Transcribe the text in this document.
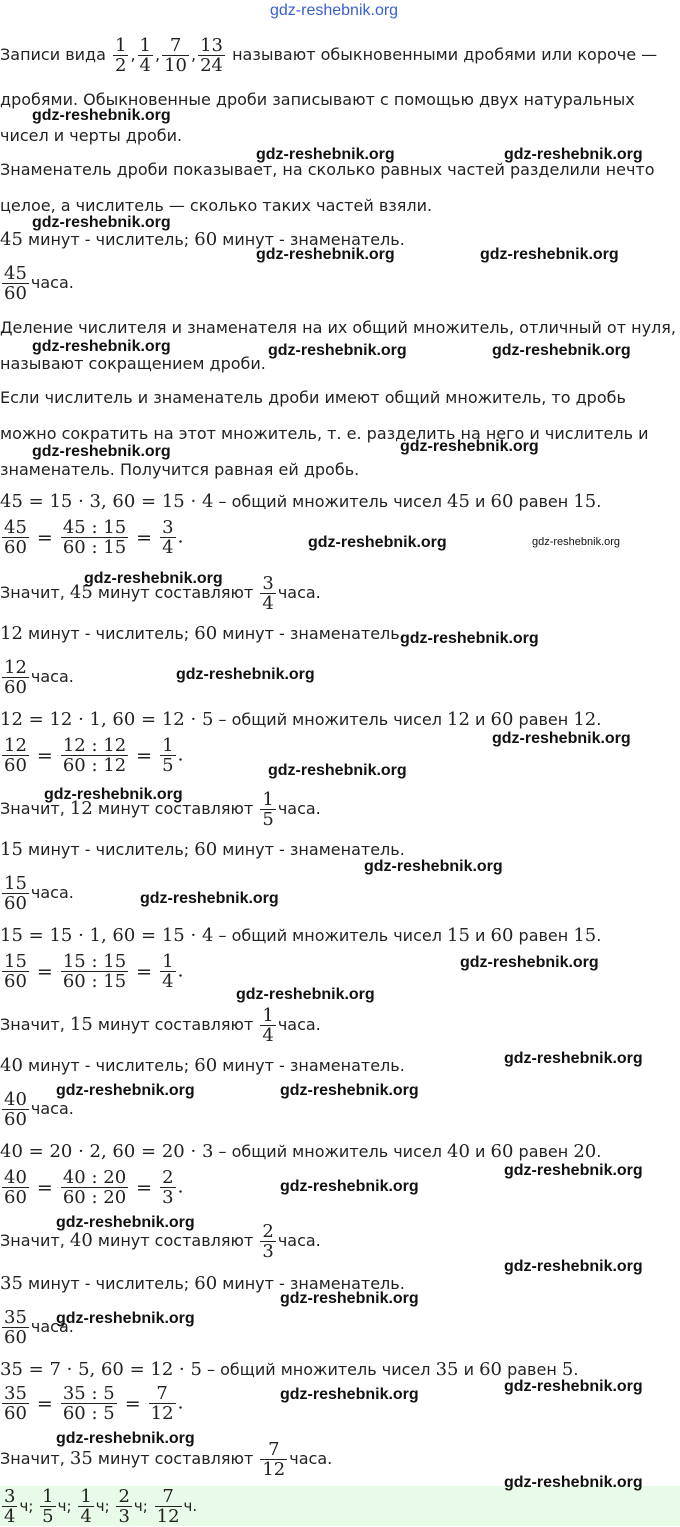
gdz-reshebnik.org
Записи вида $\frac{1}{2}$ , $\frac{1}{4}$ , $\frac{7}{10}$ , $\frac{13}{24}$ называют обыкновенными дробями или короче —
дробями. Обыкновенные дроби записывают с помощью двух натуральных
чисел и черты дроби.
Знаменатель дроби показывает, на сколько равных частей разделили нечто
целое, а числитель — сколько таких частей взяли.
45 минут - числитель; 60 минут - знаменатель.
$\frac{45}{60}$ часа.
Деление числителя и знаменателя на их общий множитель, отличный от нуля,
называют сокращением дроби.
Если числитель и знаменатель дроби имеют общий множитель, то дробь
можно сократить на этот множитель, т. е. разделить на него и числитель и
знаменатель. Получится равная ей дробь.
45 = 15 · 3, 60 = 15 · 4 – общий множитель чисел 45 и 60 равен 15.
$\frac{45}{60} = \frac{45 : 15}{60 : 15} = \frac{3}{4}$ .
Значит, 45 минут составляют $\frac{3}{4}$ часа.
12 минут - числитель; 60 минут - знаменатель.
$\frac{12}{60}$ часа.
12 = 12 · 1, 60 = 12 · 5 – общий множитель чисел 12 и 60 равен 12.
$\frac{12}{60} = \frac{12 : 12}{60 : 12} = \frac{1}{5}$ .
Значит, 12 минут составляют $\frac{1}{5}$ часа.
15 минут - числитель; 60 минут - знаменатель.
$\frac{15}{60}$ часа.
15 = 15 · 1, 60 = 15 · 4 – общий множитель чисел 15 и 60 равен 15.
$\frac{15}{60} = \frac{15 : 15}{60 : 15} = \frac{1}{4}$ .
Значит, 15 минут составляют $\frac{1}{4}$ часа.
40 минут - числитель; 60 минут - знаменатель.
$\frac{40}{60}$ часа.
40 = 20 · 2, 60 = 20 · 3 – общий множитель чисел 40 и 60 равен 20.
$\frac{40}{60} = \frac{40 : 20}{60 : 20} = \frac{2}{3}$ .
Значит, 40 минут составляют $\frac{2}{3}$ часа.
35 минут - числитель; 60 минут - знаменатель.
$\frac{35}{60}$ часа.
35 = 7 · 5, 60 = 12 · 5 – общий множитель чисел 35 и 60 равен 5.
$\frac{35}{60} = \frac{35 : 5}{60 : 5} = \frac{7}{12}$ .
Значит, 35 минут составляют $\frac{7}{12}$ часа.
$\frac{3}{4} ч$; $\frac{1}{5} ч$; $\frac{1}{4} ч$; $\frac{2}{3} ч$; $\frac{7}{12} ч$.
gdz-reshebnik.org
gdz-reshebnik.org	gdz-reshebnik.org
gdz-reshebnik.org
gdz-reshebnik.org	gdz-reshebnik.org
gdz-reshebnik.org	gdz-reshebnik.org	gdz-reshebnik.org
gdz-reshebnik.org	gdz-reshebnik.org
gdz-reshebnik.org	gdz-reshebnik.org
gdz-reshebnik.org
gdz-reshebnik.org
gdz-reshebnik.org
gdz-reshebnik.org
gdz-reshebnik.org
gdz-reshebnik.org
gdz-reshebnik.org
gdz-reshebnik.org
gdz-reshebnik.org
gdz-reshebnik.org
gdz-reshebnik.org
gdz-reshebnik.org	gdz-reshebnik.org
gdz-reshebnik.org
gdz-reshebnik.org
gdz-reshebnik.org
gdz-reshebnik.org
gdz-reshebnik.org
gdz-reshebnik.org
gdz-reshebnik.org
gdz-reshebnik.org
gdz-reshebnik.org
gdz-reshebnik.org
